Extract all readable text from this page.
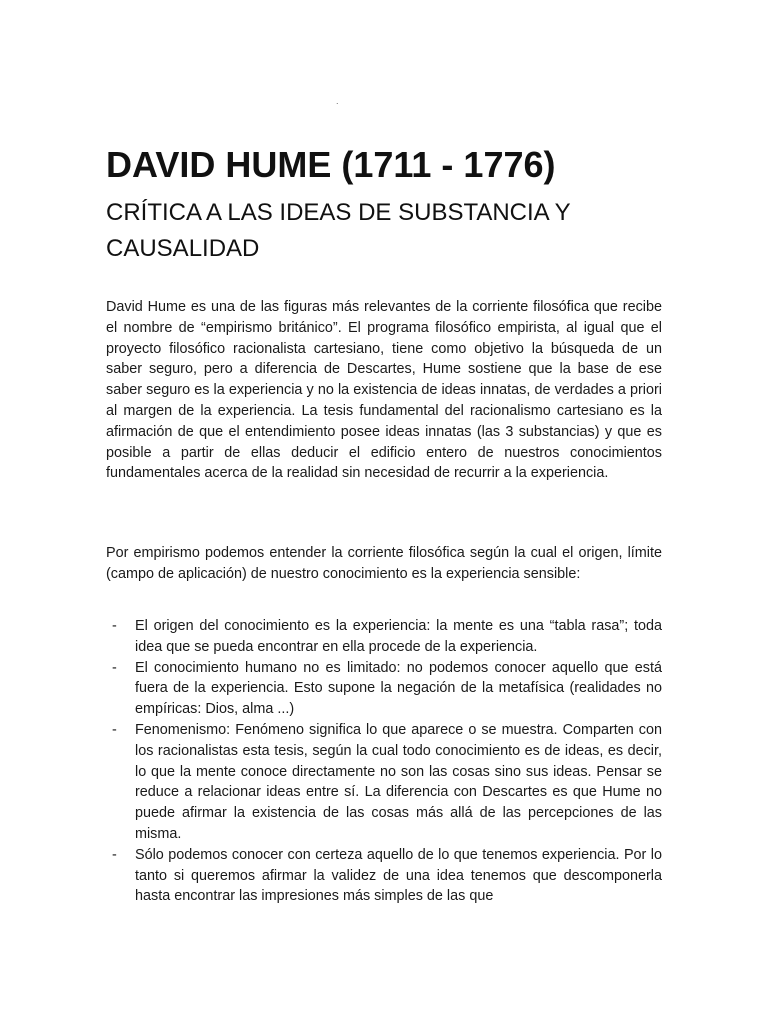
.
DAVID HUME (1711 - 1776)
CRÍTICA A LAS IDEAS DE SUBSTANCIA Y CAUSALIDAD

David Hume es una de las figuras más relevantes de la corriente filosófica que recibe el nombre de “empirismo británico”. El programa filosófico empirista, al igual que el proyecto filosófico racionalista cartesiano, tiene como objetivo la búsqueda de un saber seguro, pero a diferencia de Descartes, Hume sostiene que la base de ese saber seguro es la experiencia y no la existencia de ideas innatas, de verdades a priori al margen de la experiencia. La tesis fundamental del racionalismo cartesiano es la afirmación de que el entendimiento posee ideas innatas (las 3 substancias) y que es posible a partir de ellas deducir el edificio entero de nuestros conocimientos fundamentales acerca de la realidad sin necesidad de recurrir a la experiencia.

Por empirismo podemos entender la corriente filosófica según la cual el origen, límite (campo de aplicación) de nuestro conocimiento es la experiencia sensible:

- El origen del conocimiento es la experiencia: la mente es una “tabla rasa”; toda idea que se pueda encontrar en ella procede de la experiencia.
- El conocimiento humano no es limitado: no podemos conocer aquello que está fuera de la experiencia. Esto supone la negación de la metafísica (realidades no empíricas: Dios, alma ...)
- Fenomenismo: Fenómeno significa lo que aparece o se muestra. Comparten con los racionalistas esta tesis, según la cual todo conocimiento es de ideas, es decir, lo que la mente conoce directamente no son las cosas sino sus ideas. Pensar se reduce a relacionar ideas entre sí. La diferencia con Descartes es que Hume no puede afirmar la existencia de las cosas más allá de las percepciones de las misma.
- Sólo podemos conocer con certeza aquello de lo que tenemos experiencia. Por lo tanto si queremos afirmar la validez de una idea tenemos que descomponerla hasta encontrar las impresiones más simples de las que
